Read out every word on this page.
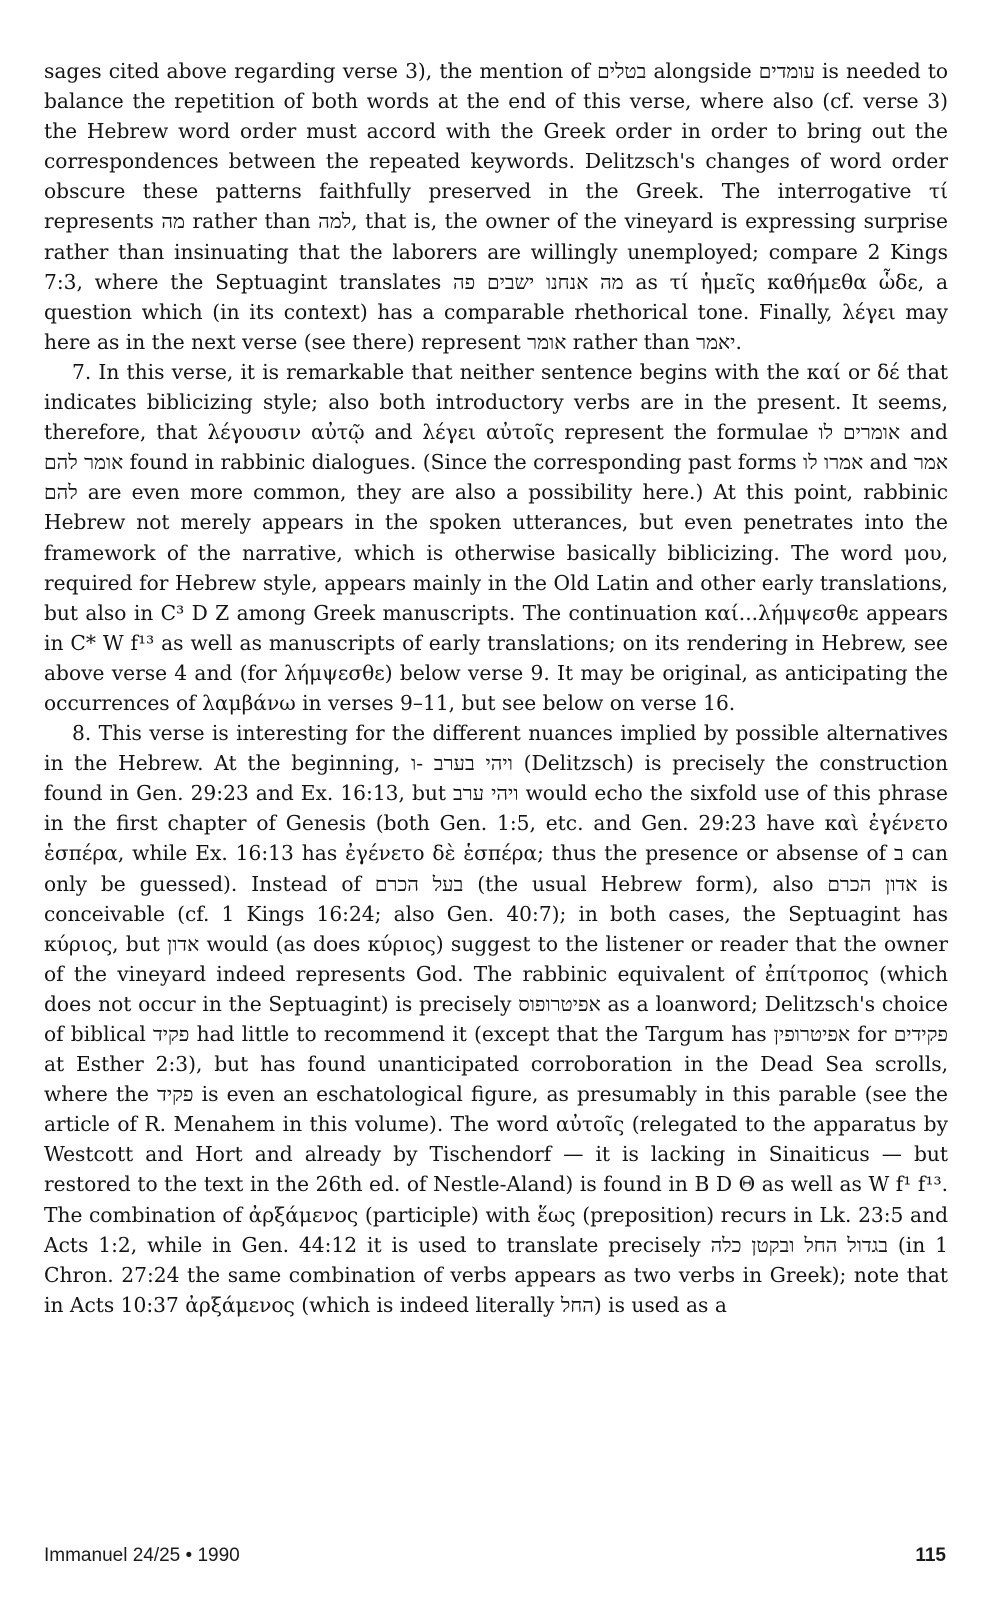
sages cited above regarding verse 3), the mention of בטלים alongside עומדים is needed to balance the repetition of both words at the end of this verse, where also (cf. verse 3) the Hebrew word order must accord with the Greek order in order to bring out the correspondences between the repeated keywords. Delitzsch's changes of word order obscure these patterns faithfully preserved in the Greek. The interrogative τί represents מה rather than למה, that is, the owner of the vineyard is expressing surprise rather than insinuating that the laborers are willingly unemployed; compare 2 Kings 7:3, where the Septuagint translates מה אנחנו ישבים פה as τί ἡμεῖς καθήμεθα ὧδε, a question which (in its context) has a comparable rhethorical tone. Finally, λέγει may here as in the next verse (see there) represent אומר rather than יאמר.

7. In this verse, it is remarkable that neither sentence begins with the καί or δέ that indicates biblicizing style; also both introductory verbs are in the present. It seems, therefore, that λέγουσιν αὐτῷ and λέγει αὐτοῖς represent the formulae אומרים לו and אומר להם found in rabbinic dialogues. (Since the corresponding past forms אמרו לו and אמר להם are even more common, they are also a possibility here.) At this point, rabbinic Hebrew not merely appears in the spoken utterances, but even penetrates into the framework of the narrative, which is otherwise basically biblicizing. The word μου, required for Hebrew style, appears mainly in the Old Latin and other early translations, but also in C³ D Z among Greek manuscripts. The continuation καί...λήμψεσθε appears in C* W f¹³ as well as manuscripts of early translations; on its rendering in Hebrew, see above verse 4 and (for λήμψεσθε) below verse 9. It may be original, as anticipating the occurrences of λαμβάνω in verses 9–11, but see below on verse 16.

8. This verse is interesting for the different nuances implied by possible alternatives in the Hebrew. At the beginning, ויהי בערב -ו (Delitzsch) is precisely the construction found in Gen. 29:23 and Ex. 16:13, but ויהי ערב would echo the sixfold use of this phrase in the first chapter of Genesis (both Gen. 1:5, etc. and Gen. 29:23 have καὶ ἐγένετο ἑσπέρα, while Ex. 16:13 has ἐγένετο δὲ ἑσπέρα; thus the presence or absense of ב can only be guessed). Instead of בעל הכרם (the usual Hebrew form), also אדון הכרם is conceivable (cf. 1 Kings 16:24; also Gen. 40:7); in both cases, the Septuagint has κύριος, but אדון would (as does κύριος) suggest to the listener or reader that the owner of the vineyard indeed represents God. The rabbinic equivalent of ἐπίτροπος (which does not occur in the Septuagint) is precisely אפיטרופוס as a loanword; Delitzsch's choice of biblical פקיד had little to recommend it (except that the Targum has אפיטרופין for פקידים at Esther 2:3), but has found unanticipated corroboration in the Dead Sea scrolls, where the פקיד is even an eschatological figure, as presumably in this parable (see the article of R. Menahem in this volume). The word αὐτοῖς (relegated to the apparatus by Westcott and Hort and already by Tischendorf — it is lacking in Sinaiticus — but restored to the text in the 26th ed. of Nestle-Aland) is found in B D Θ as well as W f¹ f¹³. The combination of ἀρξάμενος (participle) with ἕως (preposition) recurs in Lk. 23:5 and Acts 1:2, while in Gen. 44:12 it is used to translate precisely בגדול החל ובקטן כלה (in 1 Chron. 27:24 the same combination of verbs appears as two verbs in Greek); note that in Acts 10:37 ἀρξάμενος (which is indeed literally החל) is used as a

Immanuel 24/25 • 1990	115
